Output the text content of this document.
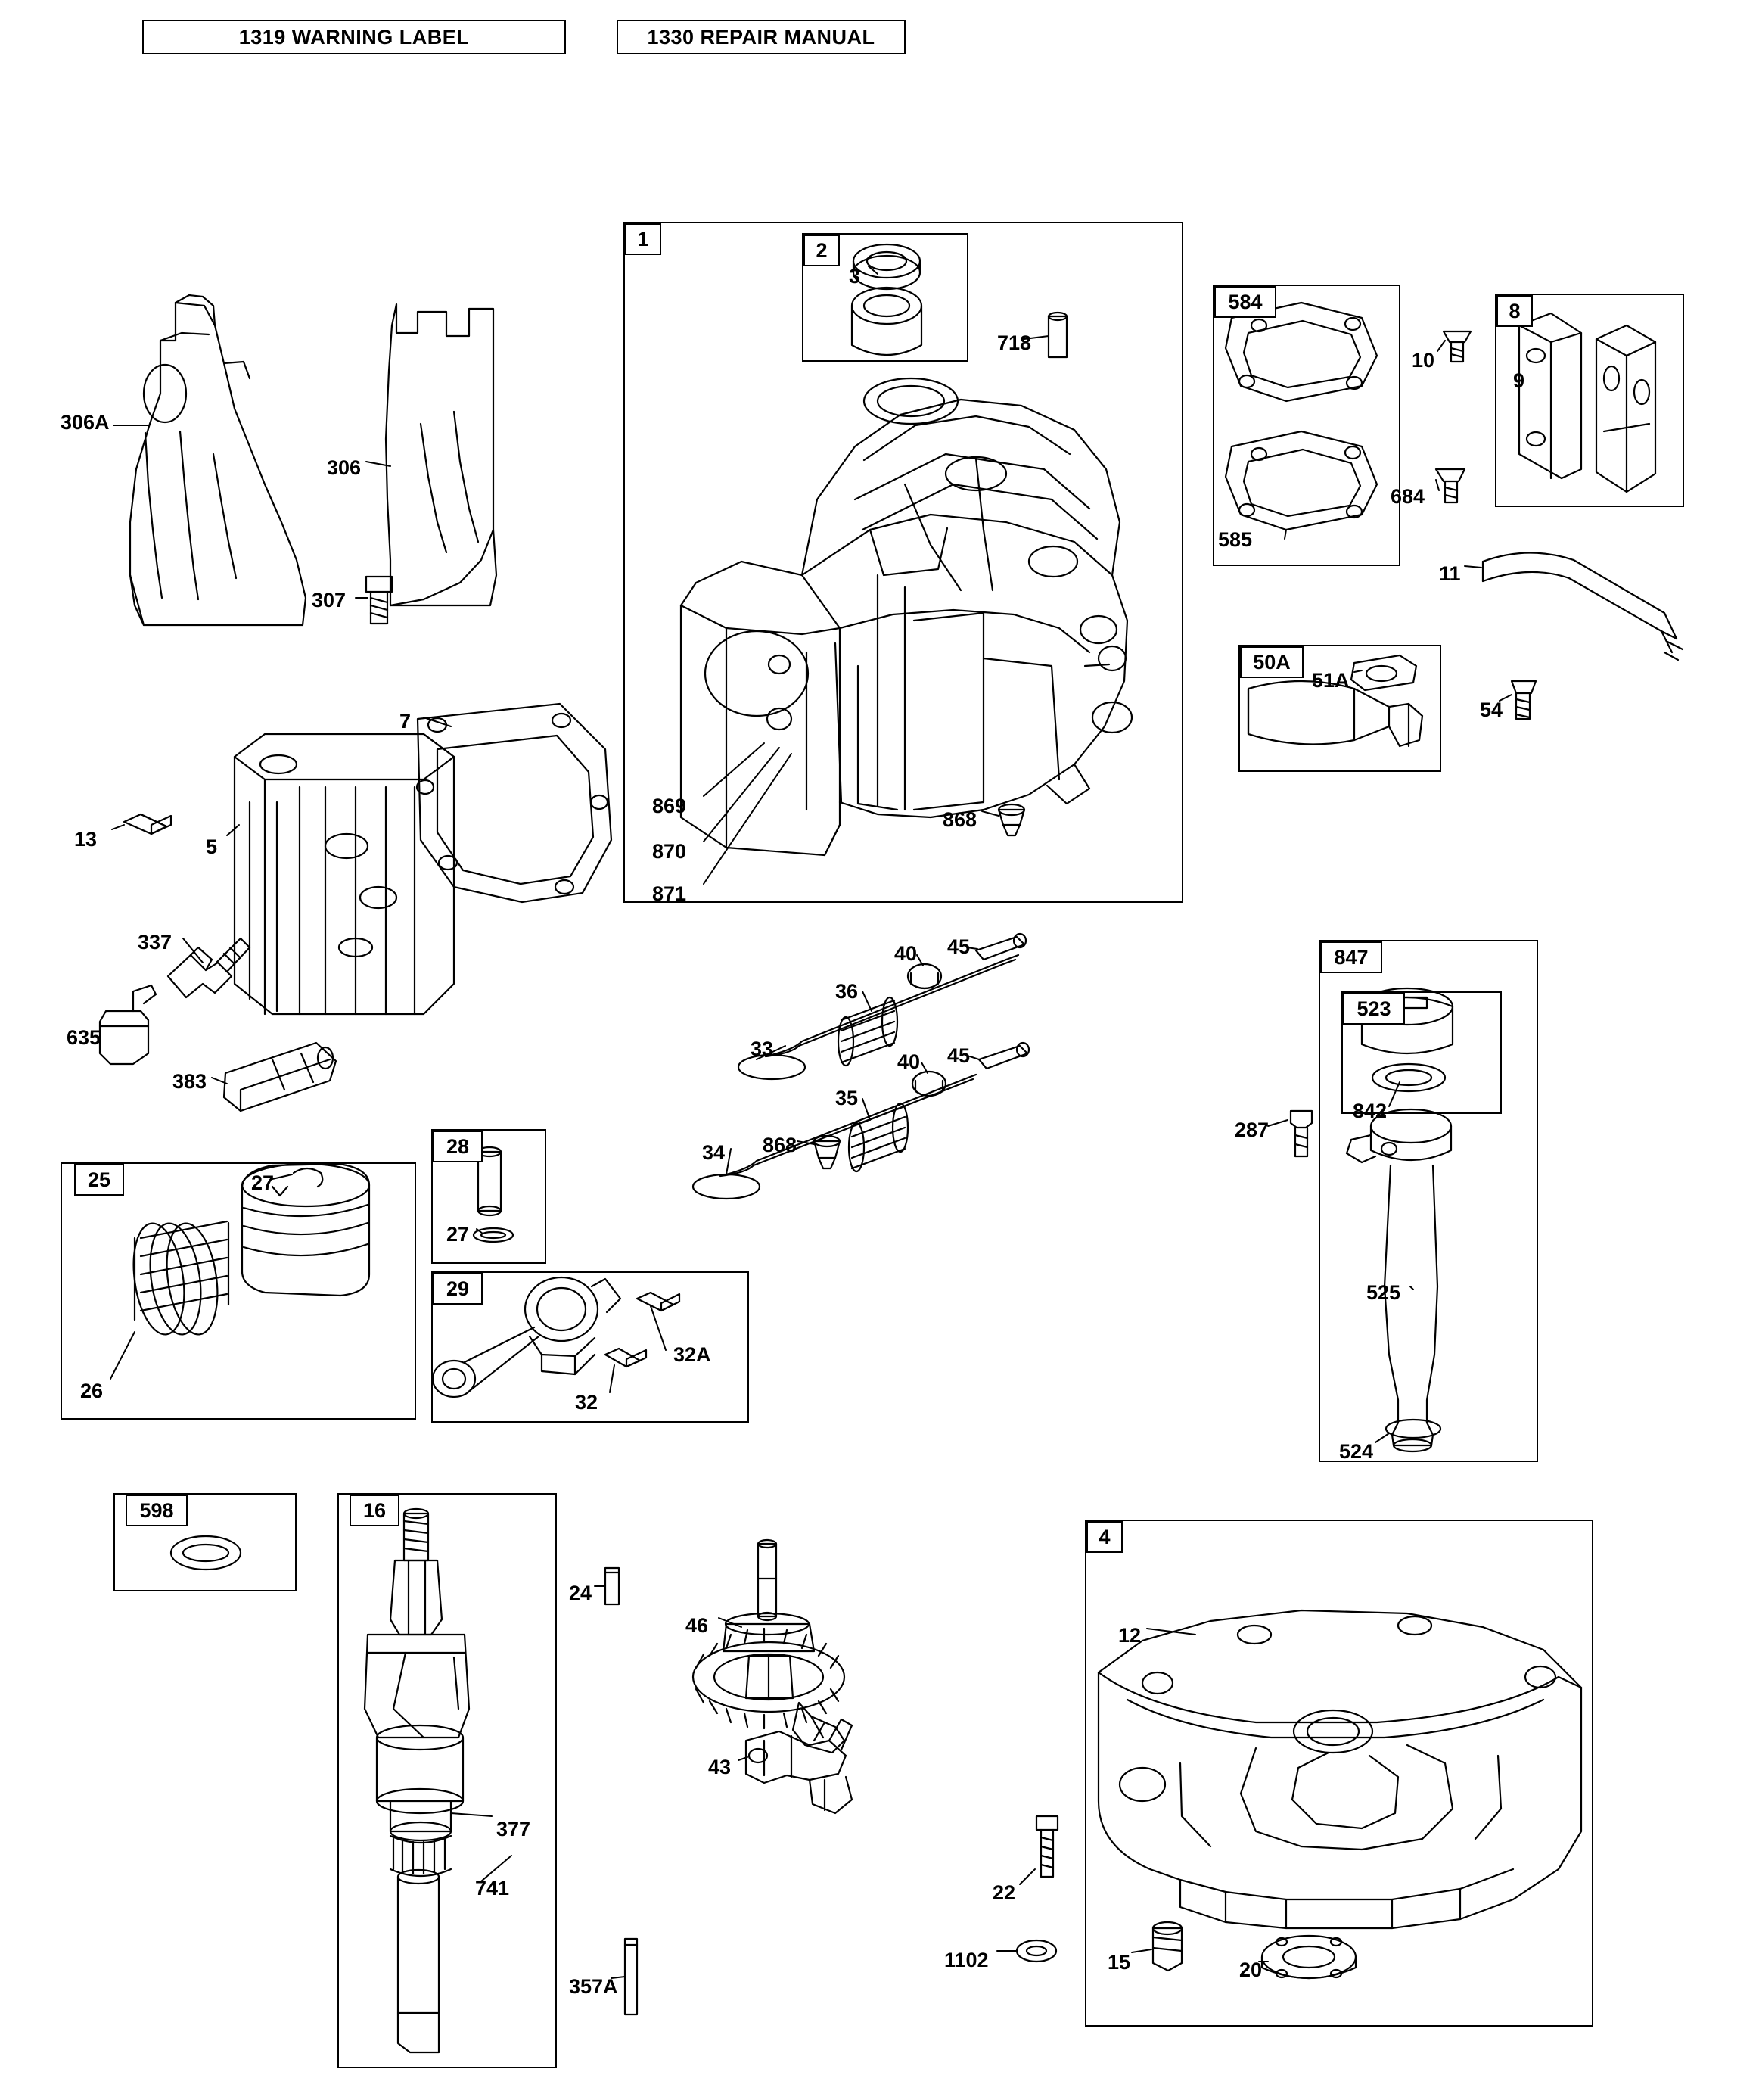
1319 WARNING LABEL	1330 REPAIR MANUAL
1	2
584	8
50A
847
523
25
28
29
598	16
4
306A
306
307
7
13	5
337
635
383
869
870
871
868
718
3
10
9
684
585
11
51A
54
40 45
36
33
40 45
35
868
34
287
842
525
524
27
26
27
32A
32
24
46
43
377
741
357A
12
22
1102	15	20
